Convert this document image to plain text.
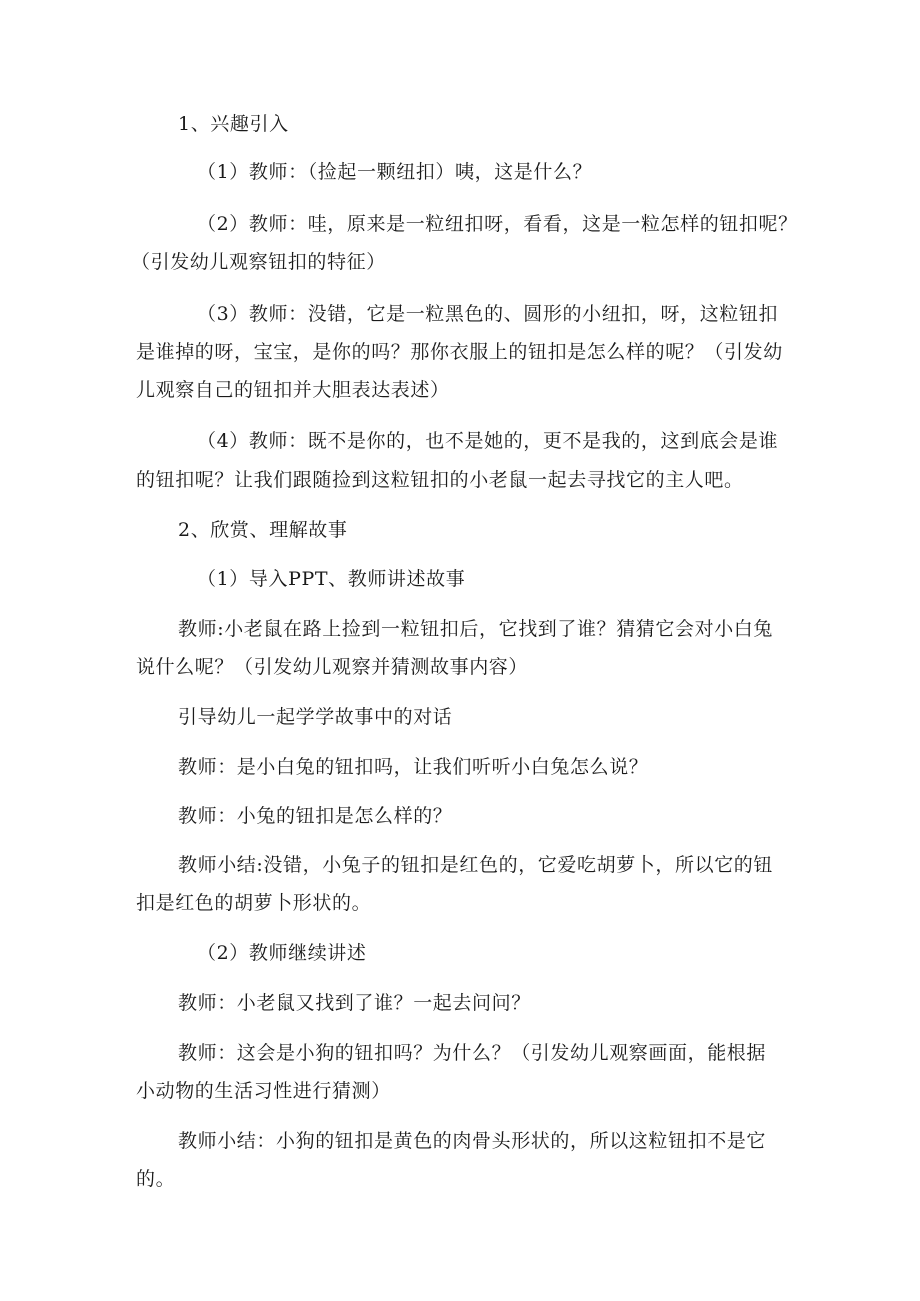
1、兴趣引入
（1）教师：（捡起一颗纽扣）咦，这是什么？
（2）教师：哇，原来是一粒纽扣呀，看看，这是一粒怎样的钮扣呢？
（引发幼儿观察钮扣的特征）
（3）教师：没错，它是一粒黑色的、圆形的小纽扣，呀，这粒钮扣
是谁掉的呀，宝宝，是你的吗？那你衣服上的钮扣是怎么样的呢？（引发幼
儿观察自己的钮扣并大胆表达表述）
（4）教师：既不是你的，也不是她的，更不是我的，这到底会是谁
的钮扣呢？让我们跟随捡到这粒钮扣的小老鼠一起去寻找它的主人吧。
2、欣赏、理解故事
（1）导入PPT、教师讲述故事
教师:小老鼠在路上捡到一粒钮扣后，它找到了谁？猜猜它会对小白兔
说什么呢？（引发幼儿观察并猜测故事内容）
引导幼儿一起学学故事中的对话
教师：是小白兔的钮扣吗，让我们听听小白兔怎么说？
教师：小兔的钮扣是怎么样的？
教师小结:没错，小兔子的钮扣是红色的，它爱吃胡萝卜，所以它的钮
扣是红色的胡萝卜形状的。
（2）教师继续讲述
教师：小老鼠又找到了谁？一起去问问？
教师：这会是小狗的钮扣吗？为什么？（引发幼儿观察画面，能根据
小动物的生活习性进行猜测）
教师小结：小狗的钮扣是黄色的肉骨头形状的，所以这粒钮扣不是它
的。
